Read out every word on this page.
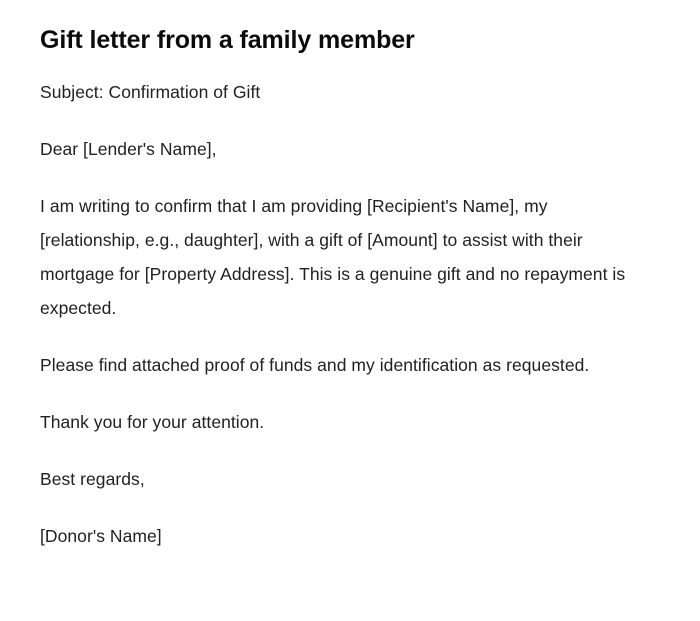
Gift letter from a family member

Subject: Confirmation of Gift

Dear [Lender's Name],

I am writing to confirm that I am providing [Recipient's Name], my [relationship, e.g., daughter], with a gift of [Amount] to assist with their mortgage for [Property Address]. This is a genuine gift and no repayment is expected.

Please find attached proof of funds and my identification as requested.

Thank you for your attention.

Best regards,

[Donor's Name]
